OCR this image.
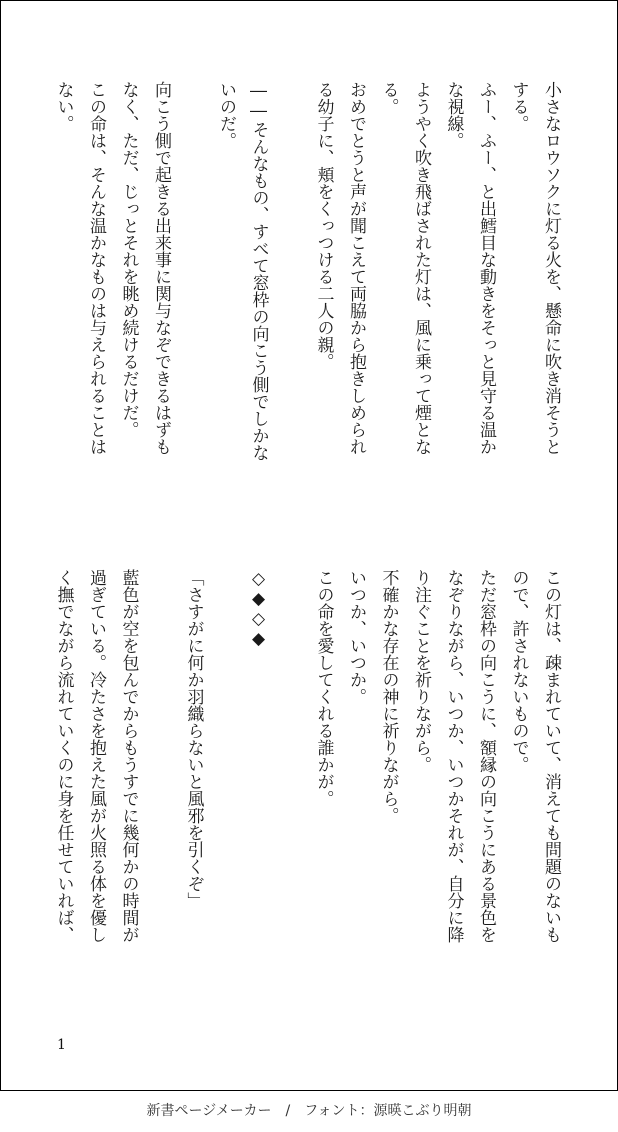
小さなロウソクに灯る火を、懸命に吹き消そうと
する。
ふー、ふー、と出鱈目な動きをそっと見守る温か
な視線。
ようやく吹き飛ばされた灯は、風に乗って煙とな
る。
おめでとうと声が聞こえて両脇から抱きしめられ
る幼子に、頬をくっつける二人の親。

――そんなもの、すべて窓枠の向こう側でしかな
いのだ。

向こう側で起きる出来事に関与なぞできるはずも
なく、ただ、じっとそれを眺め続けるだけだ。
この命は、そんな温かなものは与えられることは
ない。
この灯は、疎まれていて、消えても問題のないも
ので、許されないもので。
ただ窓枠の向こうに、額縁の向こうにある景色を
なぞりながら、いつか、いつかそれが、自分に降
り注ぐことを祈りながら。
不確かな存在の神に祈りながら。
いつか、いつか。
この命を愛してくれる誰かが。

◇◆◇◆

「さすがに何か羽織らないと風邪を引くぞ」

藍色が空を包んでからもうすでに幾何かの時間が
過ぎている。冷たさを抱えた風が火照る体を優し
く撫でながら流れていくのに身を任せていれば、
1
新書ページメーカー　/　フォント：源暎こぶり明朝
